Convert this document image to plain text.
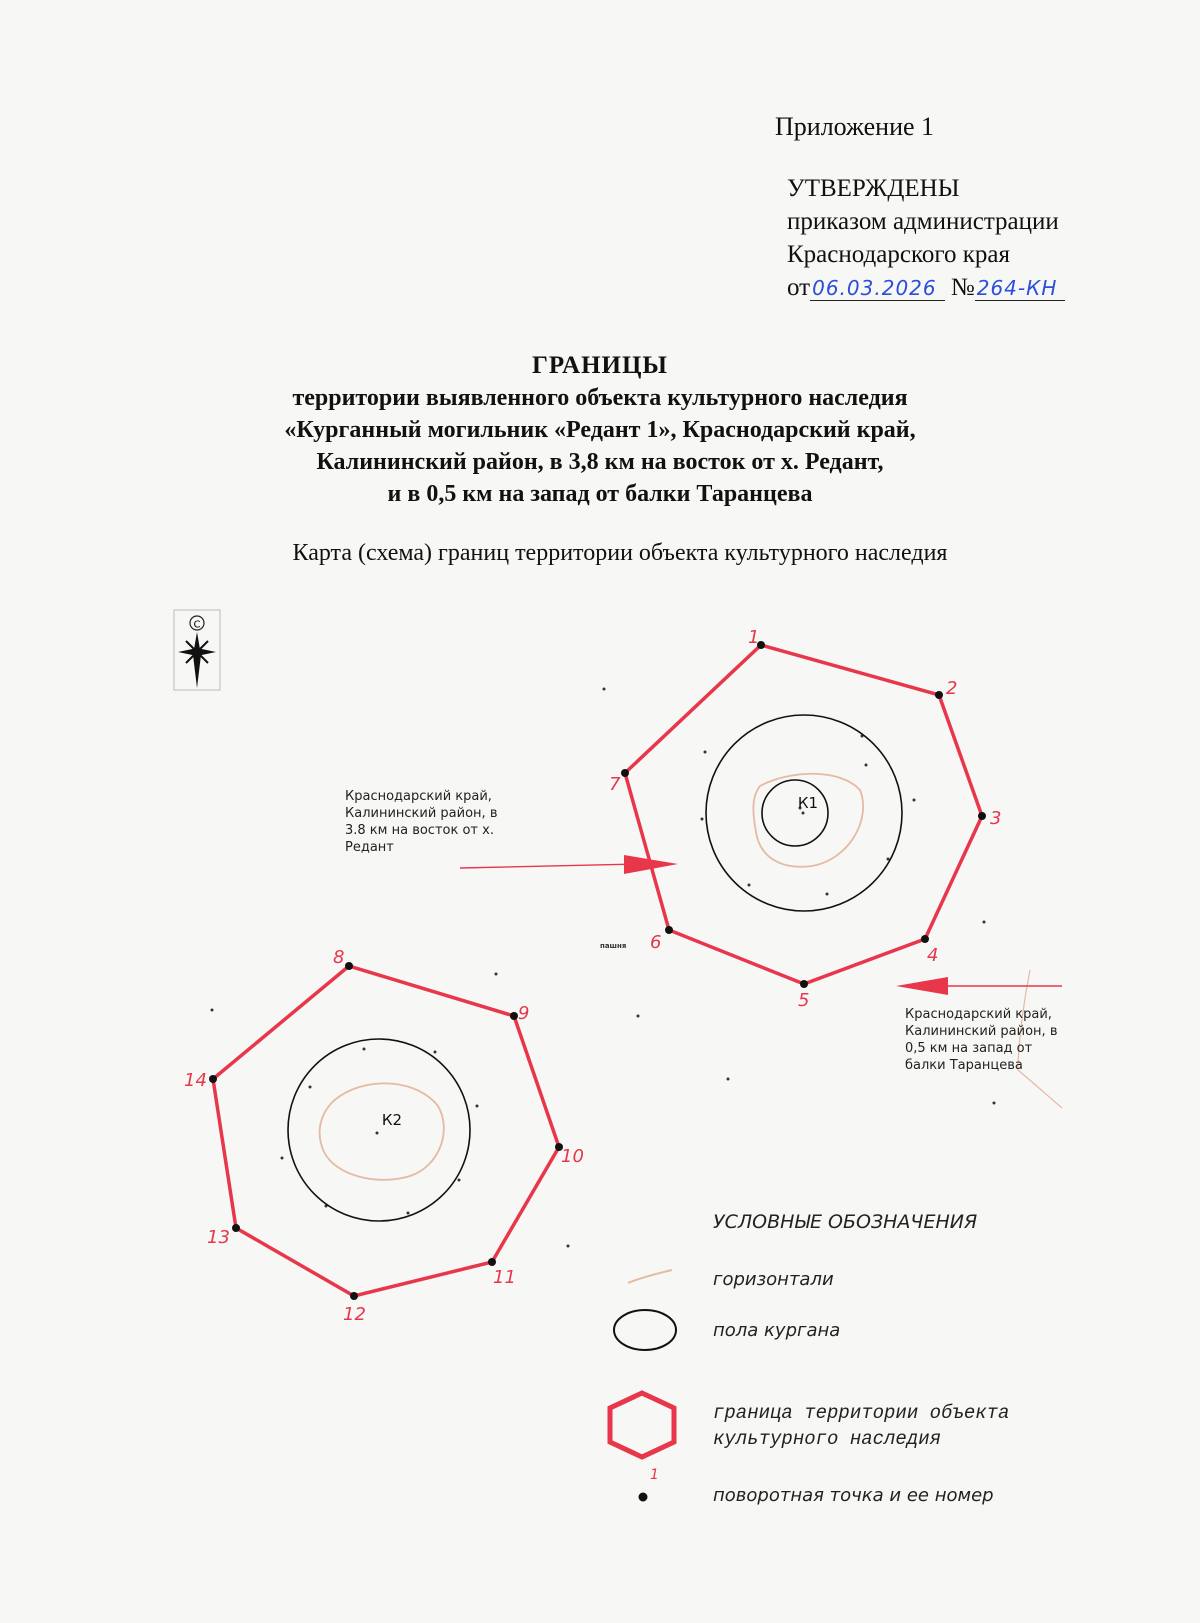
Приложение 1
УТВЕРЖДЕНЫ
приказом администрации
Краснодарского края
от 06.03.2026 № 264-КН
ГРАНИЦЫ
территории выявленного объекта культурного наследия
«Курганный могильник «Редант 1», Краснодарский край,
Калининский район, в 3,8 км на восток от х. Редант,
и в 0,5 км на запад от балки Таранцева
Карта (схема) границ территории объекта культурного наследия
С
К1
К2
1
2
3
4
5
6
7
8
9
10
11
12
13
14
пашня
Краснодарский край,
Калининский район, в
3.8 км на восток от х.
Редант
Краснодарский край,
Калининский район, в
0,5 км на запад от
балки Таранцева
УСЛОВНЫЕ ОБОЗНАЧЕНИЯ
горизонтали
пола кургана
граница территории объекта
культурного наследия
1
поворотная точка и ее номер
